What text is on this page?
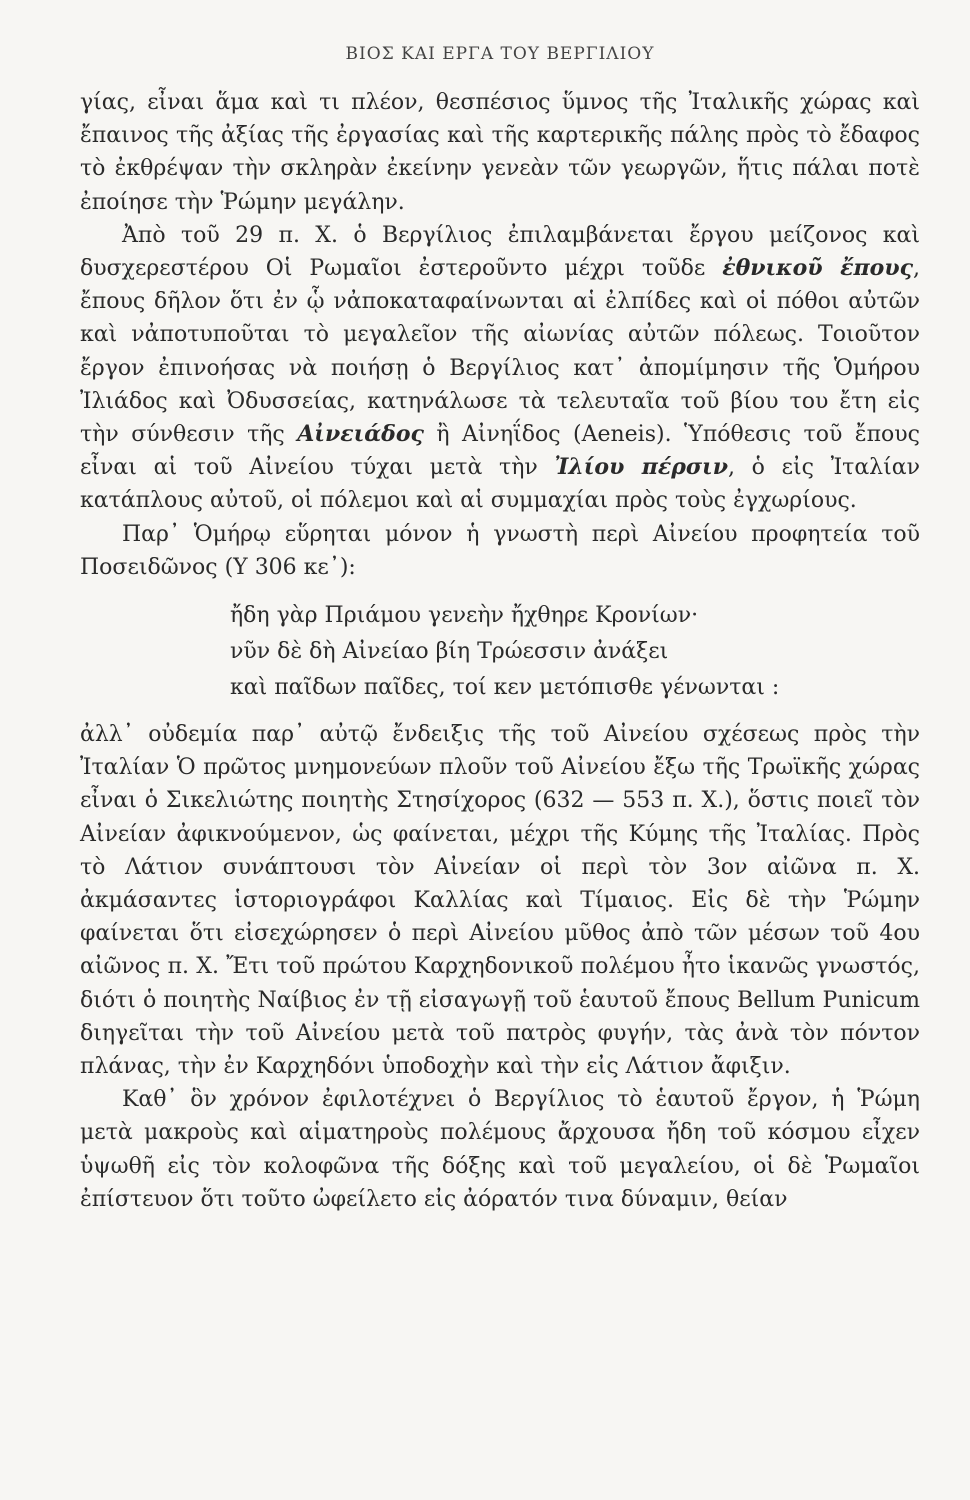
ΒΙΟΣ ΚΑΙ ΕΡΓΑ ΤΟΥ ΒΕΡΓΙΛΙΟΥ

γίας, εἶναι ἅμα καὶ τι πλέον, θεσπέσιος ὕμνος τῆς Ἰταλικῆς χώρας καὶ ἔπαινος τῆς ἀξίας τῆς ἐργασίας καὶ τῆς καρτερικῆς πάλης πρὸς τὸ ἔδαφος τὸ ἐκθρέψαν τὴν σκληρὰν ἐκείνην γενεὰν τῶν γεωργῶν, ἥτις πάλαι ποτὲ ἐποίησε τὴν Ῥώμην μεγάλην.

Ἀπὸ τοῦ 29 π. Χ. ὁ Βεργίλιος ἐπιλαμβάνεται ἔργου μείζονος καὶ δυσχερεστέρου Οἱ Ρωμαῖοι ἐστεροῦντο μέχρι τοῦδε ἐθνικοῦ ἔπους, ἔπους δῆλον ὅτι ἐν ᾧ νἀποκαταφαίνωνται αἱ ἐλπίδες καὶ οἱ πόθοι αὐτῶν καὶ νἀποτυποῦται τὸ μεγαλεῖον τῆς αἰωνίας αὐτῶν πόλεως. Τοιοῦτον ἔργον ἐπινοήσας νὰ ποιήσῃ ὁ Βεργίλιος κατ᾿ ἀπομίμησιν τῆς Ὁμήρου Ἰλιάδος καὶ Ὀδυσσείας, κατηνάλωσε τὰ τελευταῖα τοῦ βίου του ἔτη εἰς τὴν σύνθεσιν τῆς Αἰνειάδος ἢ Αἰνηΐδος (Aeneis). Ὑπόθεσις τοῦ ἔπους εἶναι αἱ τοῦ Αἰνείου τύχαι μετὰ τὴν Ἰλίου πέρσιν, ὁ εἰς Ἰταλίαν κατάπλους αὐτοῦ, οἱ πόλεμοι καὶ αἱ συμμαχίαι πρὸς τοὺς ἐγχωρίους.

Παρ᾿ Ὁμήρῳ εὕρηται μόνον ἡ γνωστὴ περὶ Αἰνείου προφητεία τοῦ Ποσειδῶνος (Υ 306 κε᾿):

ἤδη γὰρ Πριάμου γενεὴν ἤχθηρε Κρονίων·
νῦν δὲ δὴ Αἰνείαο βίη Τρώεσσιν ἀνάξει
καὶ παῖδων παῖδες, τοί κεν μετόπισθε γένωνται :

ἀλλ᾿ οὐδεμία παρ᾿ αὐτῷ ἔνδειξις τῆς τοῦ Αἰνείου σχέσεως πρὸς τὴν Ἰταλίαν Ὁ πρῶτος μνημονεύων πλοῦν τοῦ Αἰνείου ἔξω τῆς Τρωϊκῆς χώρας εἶναι ὁ Σικελιώτης ποιητὴς Στησίχορος (632 — 553 π. Χ.), ὅστις ποιεῖ τὸν Αἰνείαν ἀφικνούμενον, ὡς φαίνεται, μέχρι τῆς Κύμης τῆς Ἰταλίας. Πρὸς τὸ Λάτιον συνάπτουσι τὸν Αἰνείαν οἱ περὶ τὸν 3ον αἰῶνα π. Χ. ἀκμάσαντες ἱστοριογράφοι Καλλίας καὶ Τίμαιος. Εἰς δὲ τὴν Ῥώμην φαίνεται ὅτι εἰσεχώρησεν ὁ περὶ Αἰνείου μῦθος ἀπὸ τῶν μέσων τοῦ 4ου αἰῶνος π. Χ. Ἔτι τοῦ πρώτου Καρχηδονικοῦ πολέμου ἦτο ἱκανῶς γνωστός, διότι ὁ ποιητὴς Ναίβιος ἐν τῇ εἰσαγωγῇ τοῦ ἑαυτοῦ ἔπους Bellum Punicum διηγεῖται τὴν τοῦ Αἰνείου μετὰ τοῦ πατρὸς φυγήν, τὰς ἀνὰ τὸν πόντον πλάνας, τὴν ἐν Καρχηδόνι ὑποδοχὴν καὶ τὴν εἰς Λάτιον ἄφιξιν.

Καθ᾿ ὃν χρόνον ἐφιλοτέχνει ὁ Βεργίλιος τὸ ἑαυτοῦ ἔργον, ἡ Ῥώμη μετὰ μακροὺς καὶ αἱματηροὺς πολέμους ἄρχουσα ἤδη τοῦ κόσμου εἶχεν ὑψωθῆ εἰς τὸν κολοφῶνα τῆς δόξης καὶ τοῦ μεγαλείου, οἱ δὲ Ῥωμαῖοι ἐπίστευον ὅτι τοῦτο ὠφείλετο εἰς ἀόρατόν τινα δύναμιν, θείαν
